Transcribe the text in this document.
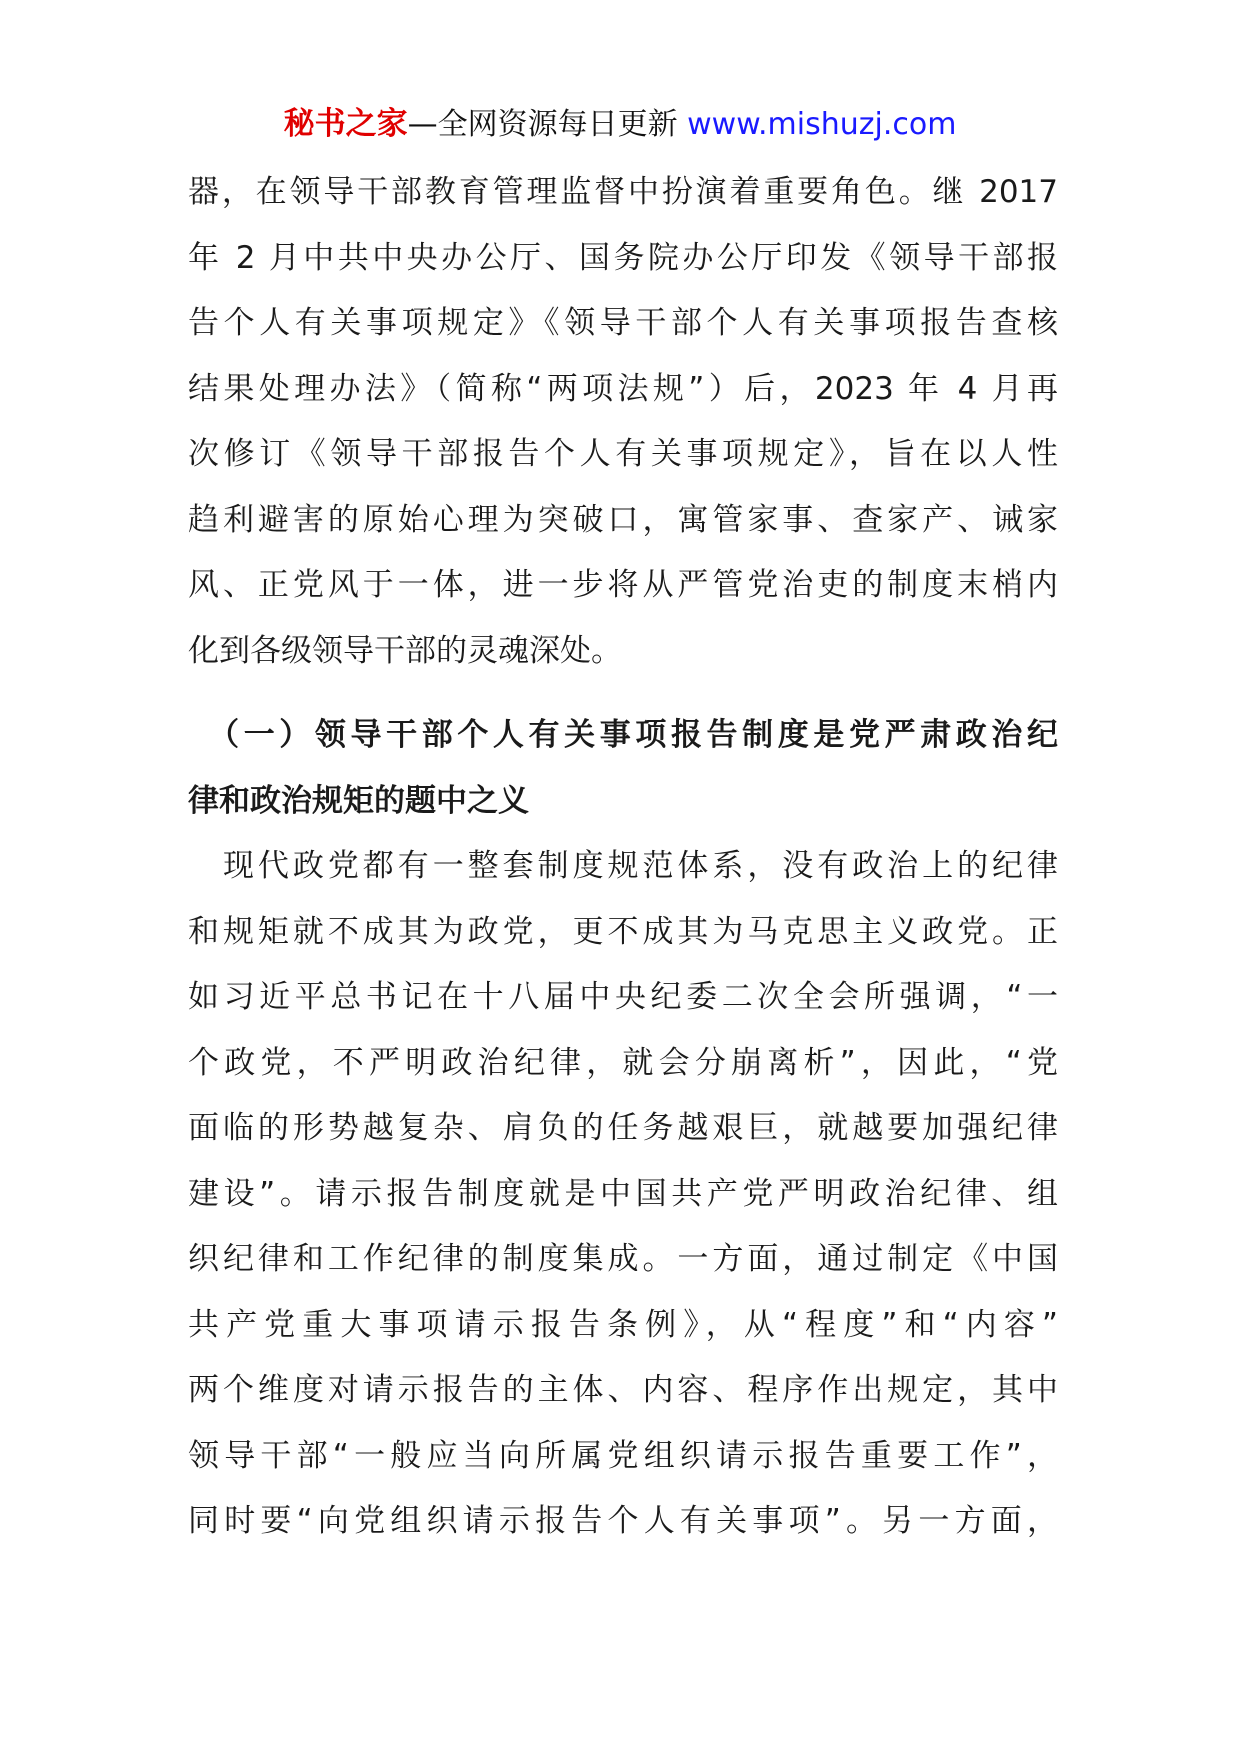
秘书之家—全网资源每日更新 www.mishuzj.com
器，在领导干部教育管理监督中扮演着重要角色。继 2017
年 2 月中共中央办公厅、国务院办公厅印发《领导干部报
告个人有关事项规定》《领导干部个人有关事项报告查核
结果处理办法》（简称“两项法规”）后，2023 年 4 月再
次修订《领导干部报告个人有关事项规定》，旨在以人性
趋利避害的原始心理为突破口，寓管家事、查家产、诫家
风、正党风于一体，进一步将从严管党治吏的制度末梢内
化到各级领导干部的灵魂深处。
　（一）领导干部个人有关事项报告制度是党严肃政治纪
律和政治规矩的题中之义
　现代政党都有一整套制度规范体系，没有政治上的纪律
和规矩就不成其为政党，更不成其为马克思主义政党。正
如习近平总书记在十八届中央纪委二次全会所强调，“一
个政党，不严明政治纪律，就会分崩离析”，因此，“党
面临的形势越复杂、肩负的任务越艰巨，就越要加强纪律
建设”。请示报告制度就是中国共产党严明政治纪律、组
织纪律和工作纪律的制度集成。一方面，通过制定《中国
共产党重大事项请示报告条例》，从“程度”和“内容”
两个维度对请示报告的主体、内容、程序作出规定，其中
领导干部“一般应当向所属党组织请示报告重要工作”，
同时要“向党组织请示报告个人有关事项”。另一方面，
